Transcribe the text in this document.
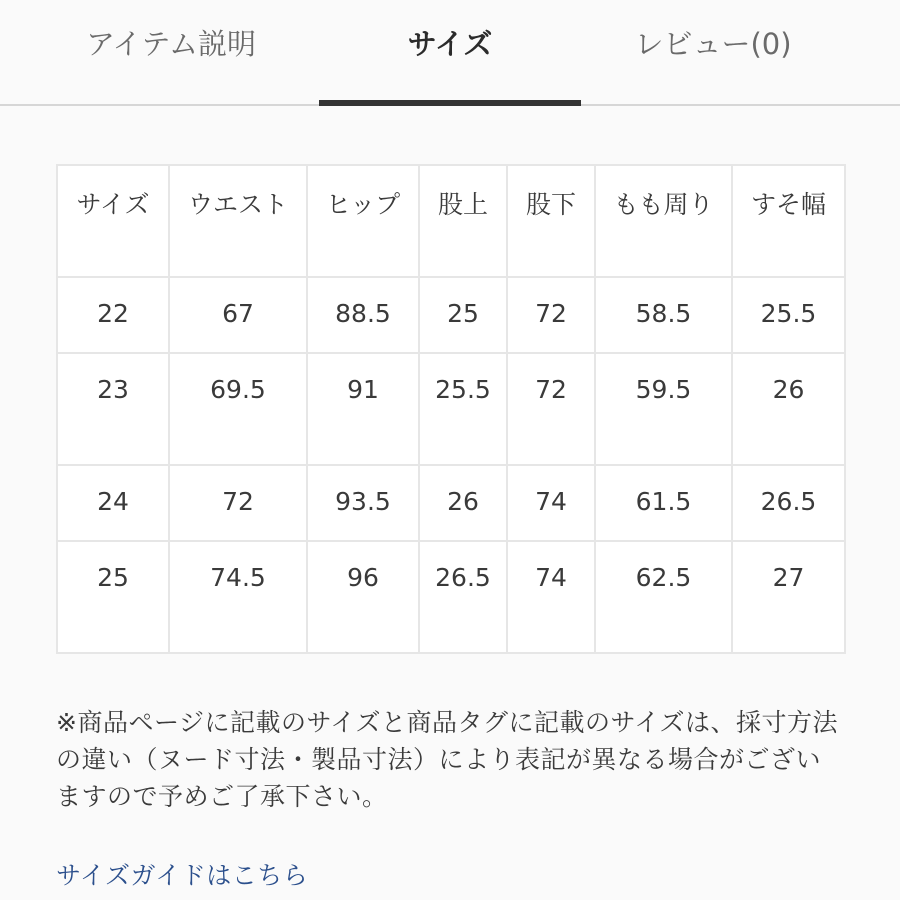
アイテム説明	サイズ	レビュー(0)
サイズ	ウエスト	ヒップ	股上	股下	もも周り	すそ幅
22	67	88.5	25	72	58.5	25.5
23	69.5	91	25.5	72	59.5	26
24	72	93.5	26	74	61.5	26.5
25	74.5	96	26.5	74	62.5	27

※商品ページに記載のサイズと商品タグに記載のサイズは、採寸方法の違い（ヌード寸法・製品寸法）により表記が異なる場合がございますので予めご了承下さい。

サイズガイドはこちら
